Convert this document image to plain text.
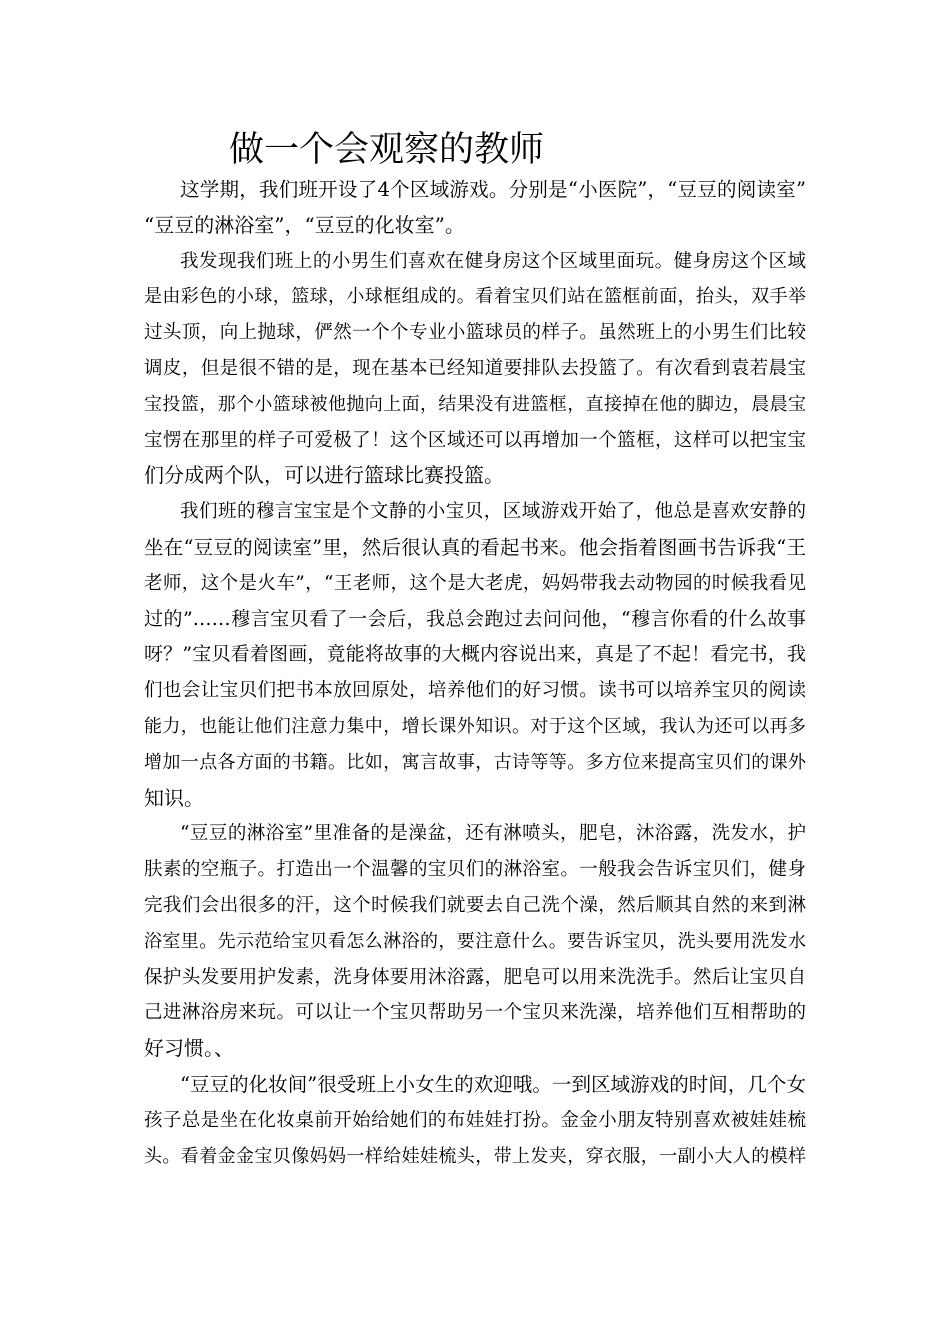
做一个会观察的教师
这学期，我们班开设了4个区域游戏。分别是“小医院”，“豆豆的阅读室”
“豆豆的淋浴室”，“豆豆的化妆室”。
我发现我们班上的小男生们喜欢在健身房这个区域里面玩。健身房这个区域
是由彩色的小球，篮球，小球框组成的。看着宝贝们站在篮框前面，抬头，双手举
过头顶，向上抛球，俨然一个个专业小篮球员的样子。虽然班上的小男生们比较
调皮，但是很不错的是，现在基本已经知道要排队去投篮了。有次看到袁若晨宝
宝投篮，那个小篮球被他抛向上面，结果没有进篮框，直接掉在他的脚边，晨晨宝
宝愣在那里的样子可爱极了！这个区域还可以再增加一个篮框，这样可以把宝宝
们分成两个队，可以进行篮球比赛投篮。
我们班的穆言宝宝是个文静的小宝贝，区域游戏开始了，他总是喜欢安静的
坐在“豆豆的阅读室”里，然后很认真的看起书来。他会指着图画书告诉我“王
老师，这个是火车”，“王老师，这个是大老虎，妈妈带我去动物园的时候我看见
过的”……穆言宝贝看了一会后，我总会跑过去问问他，“穆言你看的什么故事
呀？”宝贝看着图画，竟能将故事的大概内容说出来，真是了不起！看完书，我
们也会让宝贝们把书本放回原处，培养他们的好习惯。读书可以培养宝贝的阅读
能力，也能让他们注意力集中，增长课外知识。对于这个区域，我认为还可以再多
增加一点各方面的书籍。比如，寓言故事，古诗等等。多方位来提高宝贝们的课外
知识。
“豆豆的淋浴室”里准备的是澡盆，还有淋喷头，肥皂，沐浴露，洗发水，护
肤素的空瓶子。打造出一个温馨的宝贝们的淋浴室。一般我会告诉宝贝们，健身
完我们会出很多的汗，这个时候我们就要去自己洗个澡，然后顺其自然的来到淋
浴室里。先示范给宝贝看怎么淋浴的，要注意什么。要告诉宝贝，洗头要用洗发水
保护头发要用护发素，洗身体要用沐浴露，肥皂可以用来洗洗手。然后让宝贝自
己进淋浴房来玩。可以让一个宝贝帮助另一个宝贝来洗澡，培养他们互相帮助的
好习惯。、
“豆豆的化妆间”很受班上小女生的欢迎哦。一到区域游戏的时间，几个女
孩子总是坐在化妆桌前开始给她们的布娃娃打扮。金金小朋友特别喜欢被娃娃梳
头。看着金金宝贝像妈妈一样给娃娃梳头，带上发夹，穿衣服，一副小大人的模样
